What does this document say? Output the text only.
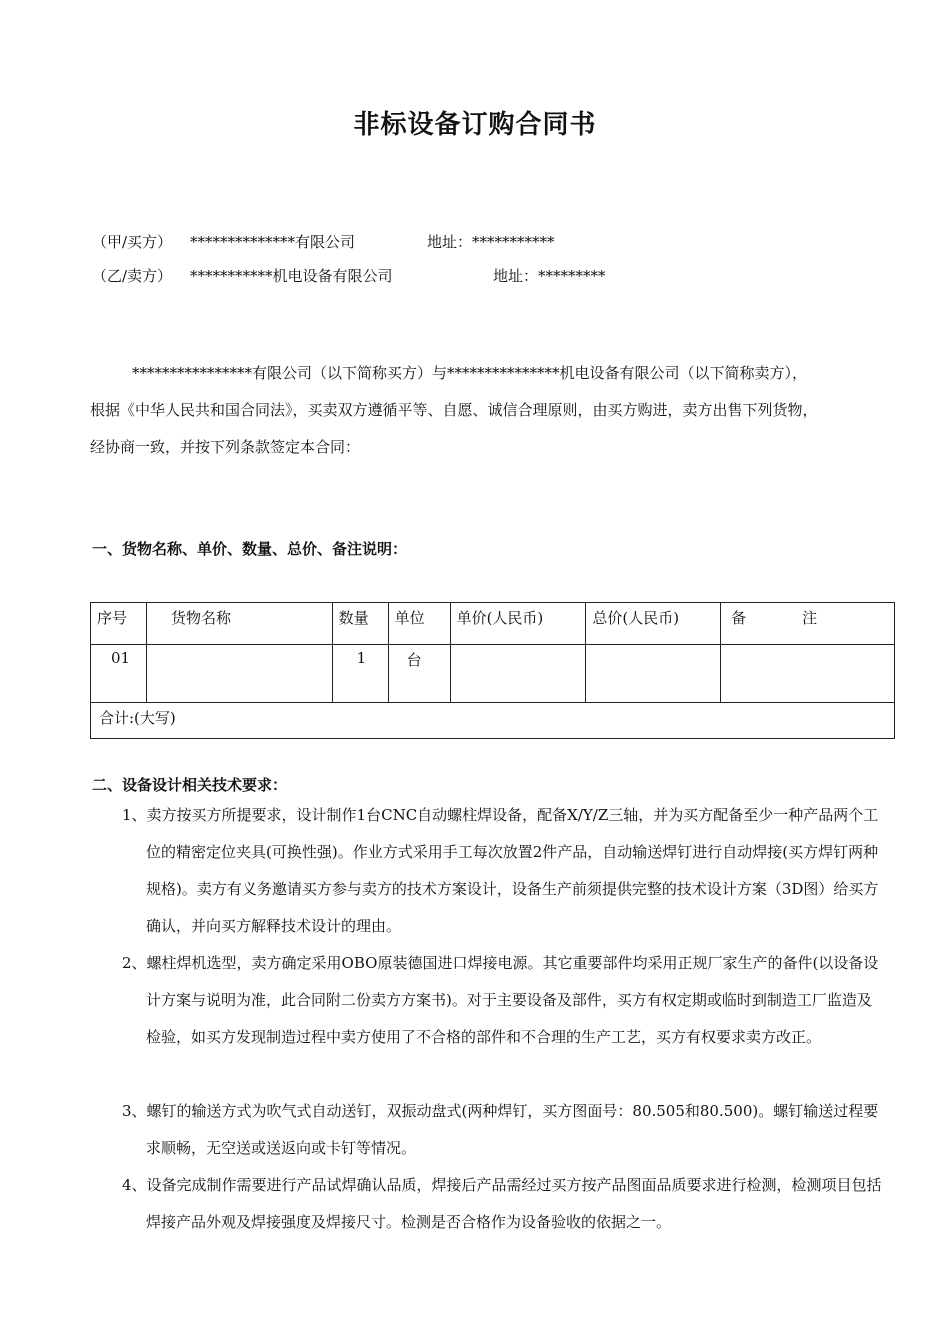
非标设备订购合同书
（甲/买方） **************有限公司	地址：***********
（乙/卖方） ***********机电设备有限公司	地址：*********
****************有限公司（以下简称买方）与***************机电设备有限公司（以下简称卖方），
根据《中华人民共和国合同法》，买卖双方遵循平等、自愿、诚信合理原则，由买方购进，卖方出售下列货物，
经协商一致，并按下列条款签定本合同：
一、货物名称、单价、数量、总价、备注说明：
序号	货物名称	数量	单位	单价(人民币)	总价(人民币)	备 注
01		1	台			
合计:(大写)						
二、设备设计相关技术要求：
1、卖方按买方所提要求，设计制作1台CNC自动螺柱焊设备，配备X/Y/Z三轴，并为买方配备至少一种产品两个工位的精密定位夹具(可换性强)。作业方式采用手工每次放置2件产品，自动输送焊钉进行自动焊接(买方焊钉两种规格)。卖方有义务邀请买方参与卖方的技术方案设计，设备生产前须提供完整的技术设计方案（3D图）给买方确认，并向买方解释技术设计的理由。
2、螺柱焊机选型，卖方确定采用OBO原装德国进口焊接电源。其它重要部件均采用正规厂家生产的备件(以设备设计方案与说明为准，此合同附二份卖方方案书)。对于主要设备及部件，买方有权定期或临时到制造工厂监造及检验，如买方发现制造过程中卖方使用了不合格的部件和不合理的生产工艺，买方有权要求卖方改正。
3、螺钉的输送方式为吹气式自动送钉，双振动盘式(两种焊钉，买方图面号：80.505和80.500)。螺钉输送过程要求顺畅，无空送或送返向或卡钉等情况。
4、设备完成制作需要进行产品试焊确认品质，焊接后产品需经过买方按产品图面品质要求进行检测，检测项目包括焊接产品外观及焊接强度及焊接尺寸。检测是否合格作为设备验收的依据之一。
